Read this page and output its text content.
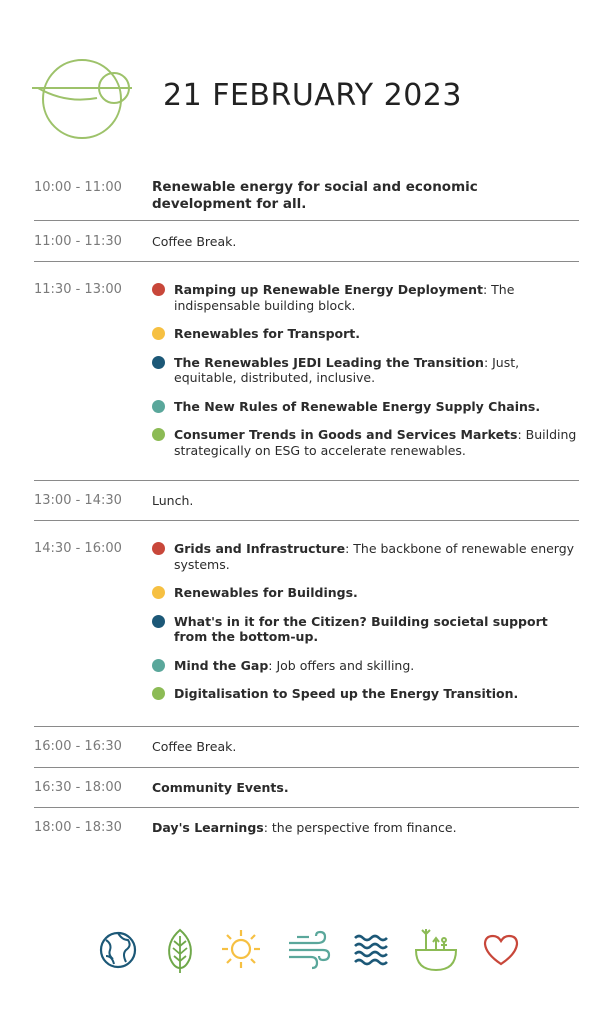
21 FEBRUARY 2023
10:00 - 11:00	Renewable energy for social and economic development for all.
11:00 - 11:30	Coffee Break.
11:30 - 13:00	Ramping up Renewable Energy Deployment: The indispensable building block.
Renewables for Transport.
The Renewables JEDI Leading the Transition: Just, equitable, distributed, inclusive.
The New Rules of Renewable Energy Supply Chains.
Consumer Trends in Goods and Services Markets: Building strategically on ESG to accelerate renewables.
13:00 - 14:30	Lunch.
14:30 - 16:00	Grids and Infrastructure: The backbone of renewable energy systems.
Renewables for Buildings.
What's in it for the Citizen? Building societal support from the bottom-up.
Mind the Gap: Job offers and skilling.
Digitalisation to Speed up the Energy Transition.
16:00 - 16:30	Coffee Break.
16:30 - 18:00	Community Events.
18:00 - 18:30	Day's Learnings: the perspective from finance.
